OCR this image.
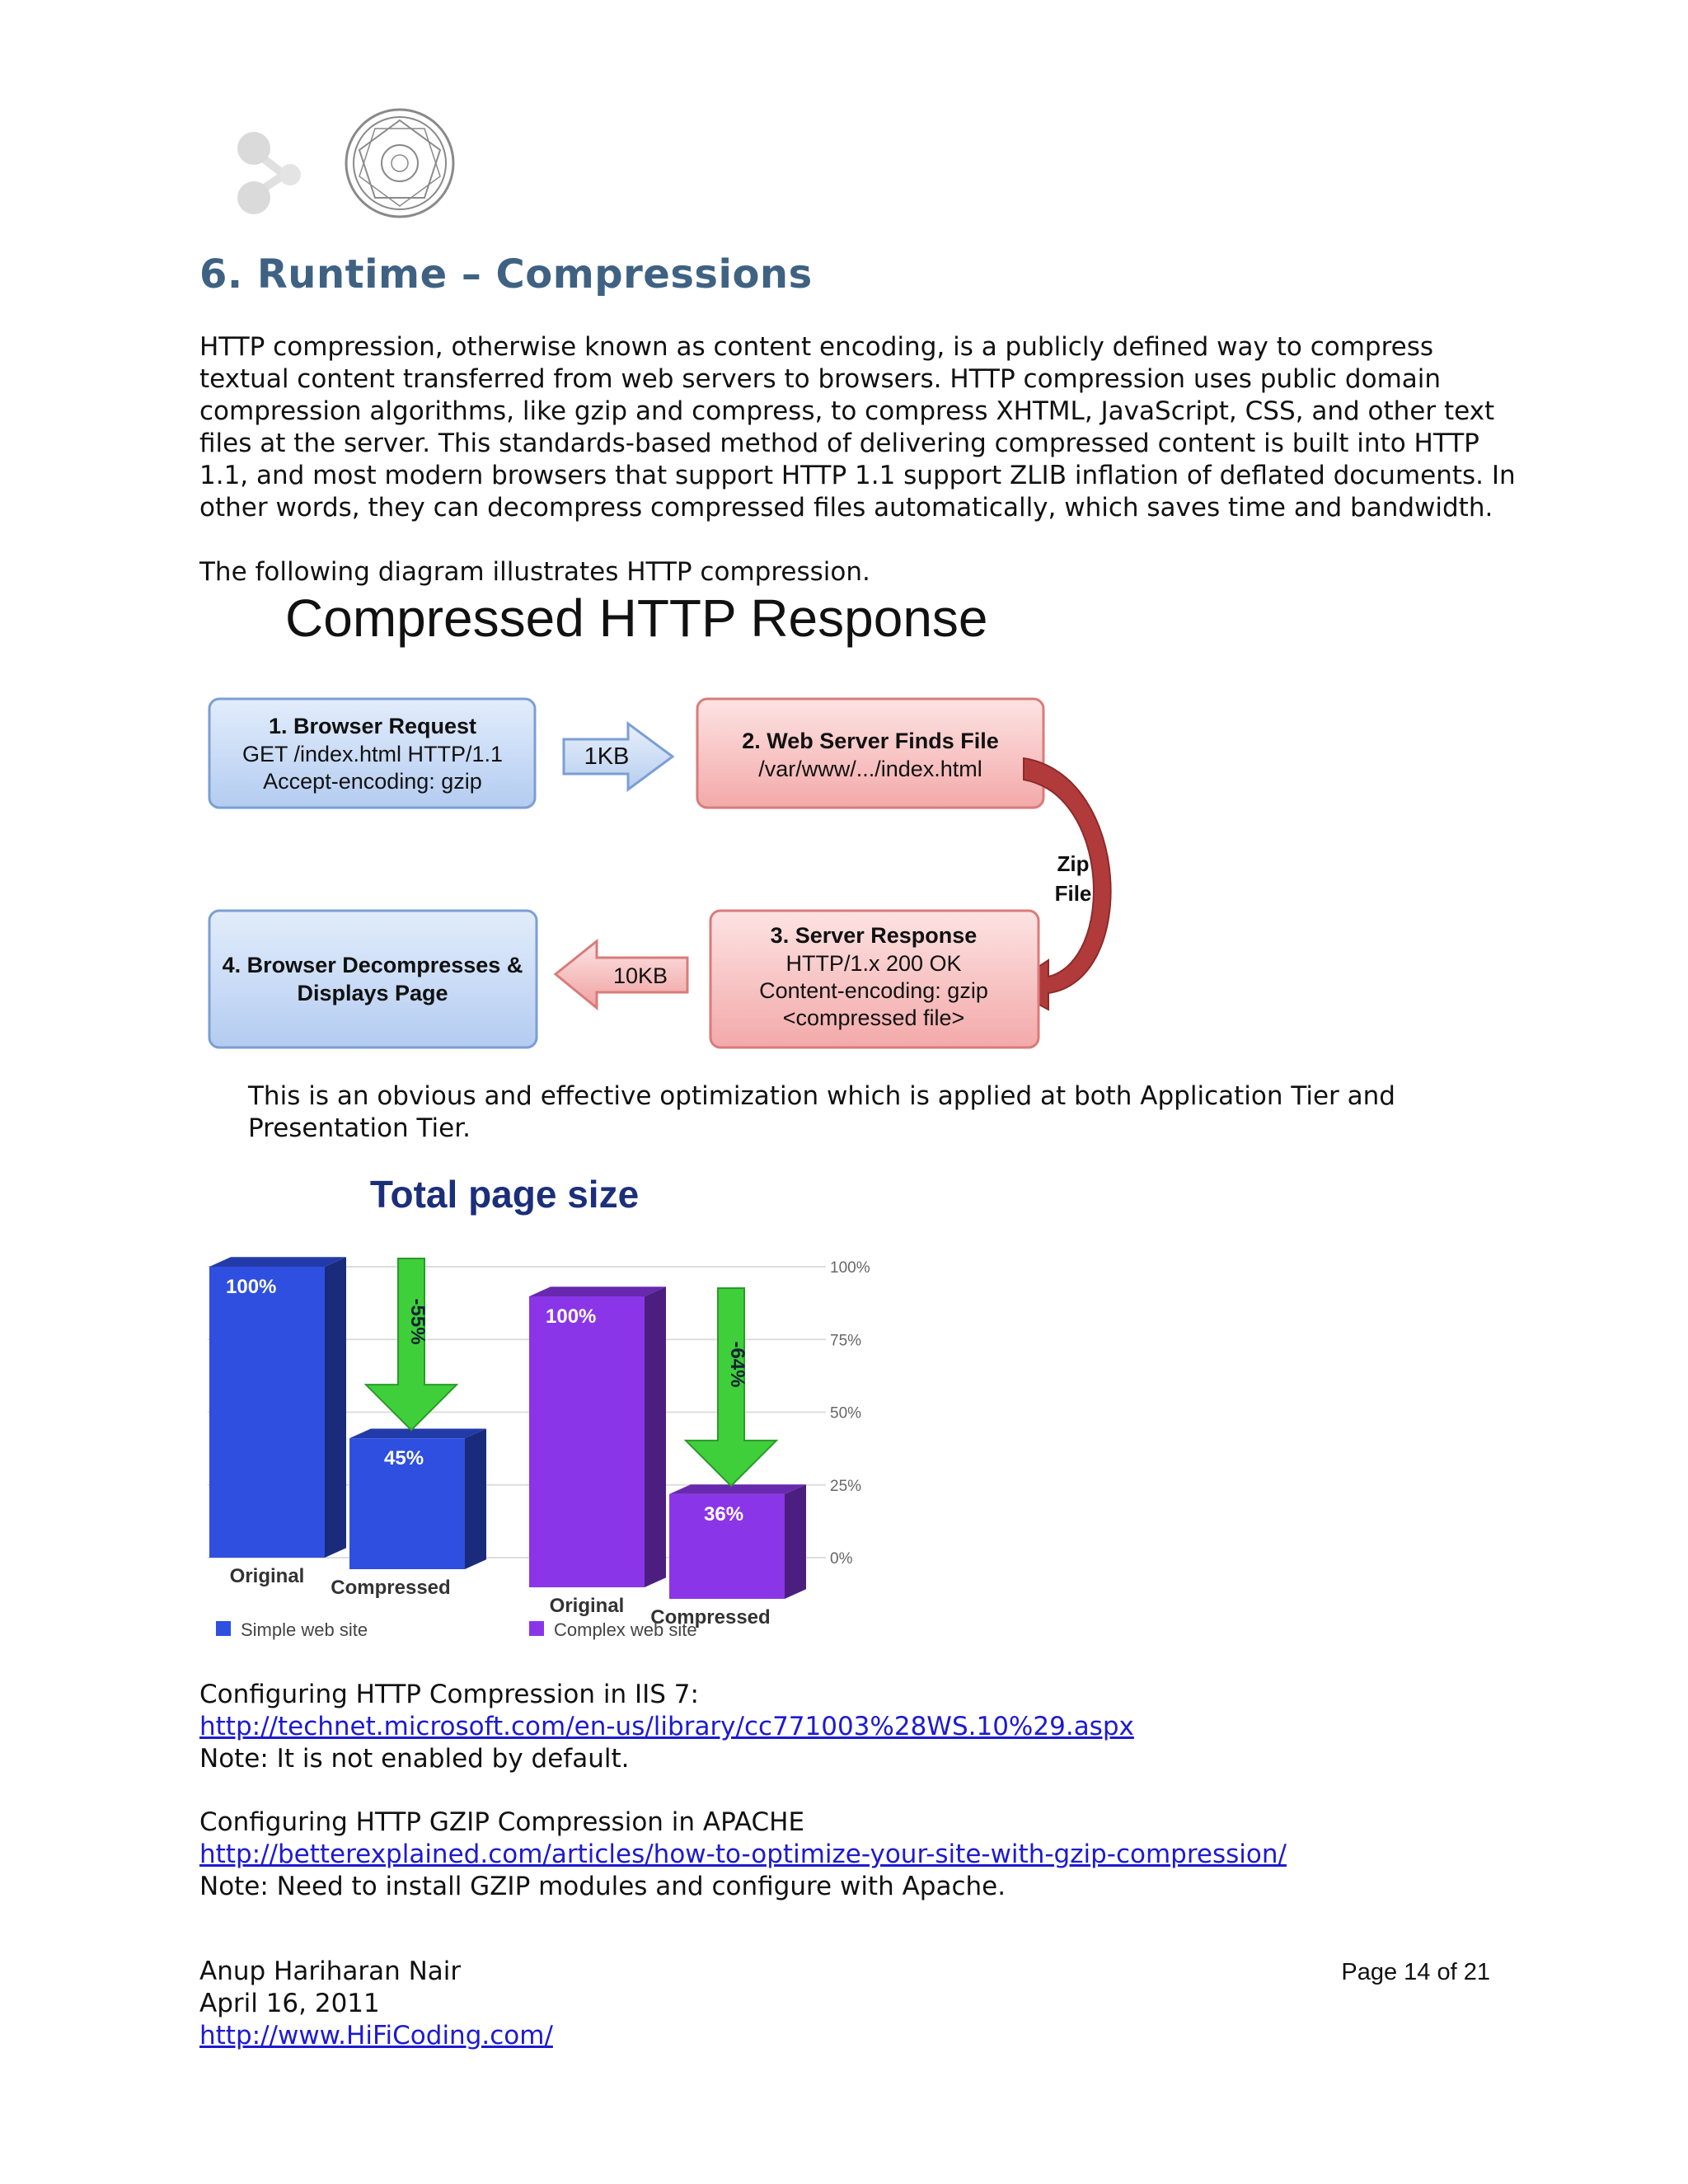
6. Runtime – Compressions

HTTP compression, otherwise known as content encoding, is a publicly defined way to compress textual content transferred from web servers to browsers. HTTP compression uses public domain compression algorithms, like gzip and compress, to compress XHTML, JavaScript, CSS, and other text files at the server. This standards-based method of delivering compressed content is built into HTTP 1.1, and most modern browsers that support HTTP 1.1 support ZLIB inflation of deflated documents. In other words, they can decompress compressed files automatically, which saves time and bandwidth.

The following diagram illustrates HTTP compression.
Compressed HTTP Response
1. Browser Request
GET /index.html HTTP/1.1
Accept-encoding: gzip
1KB
2. Web Server Finds File
/var/www/.../index.html
Zip
File
4. Browser Decompresses &
Displays Page
10KB
3. Server Response
HTTP/1.x 200 OK
Content-encoding: gzip
<compressed file>
This is an obvious and effective optimization which is applied at both Application Tier and Presentation Tier.
Total page size
100%
75%
50%
25%
0%
100%
Original
45%
Compressed
-55%	100%
Original
36%
Compressed
-64%
Simple web site	Complex web site
Configuring HTTP Compression in IIS 7:
http://technet.microsoft.com/en-us/library/cc771003%28WS.10%29.aspx
Note: It is not enabled by default.
Configuring HTTP GZIP Compression in APACHE
http://betterexplained.com/articles/how-to-optimize-your-site-with-gzip-compression/
Note: Need to install GZIP modules and configure with Apache.
Anup Hariharan Nair
April 16, 2011
http://www.HiFiCoding.com/
Page 14 of 21
